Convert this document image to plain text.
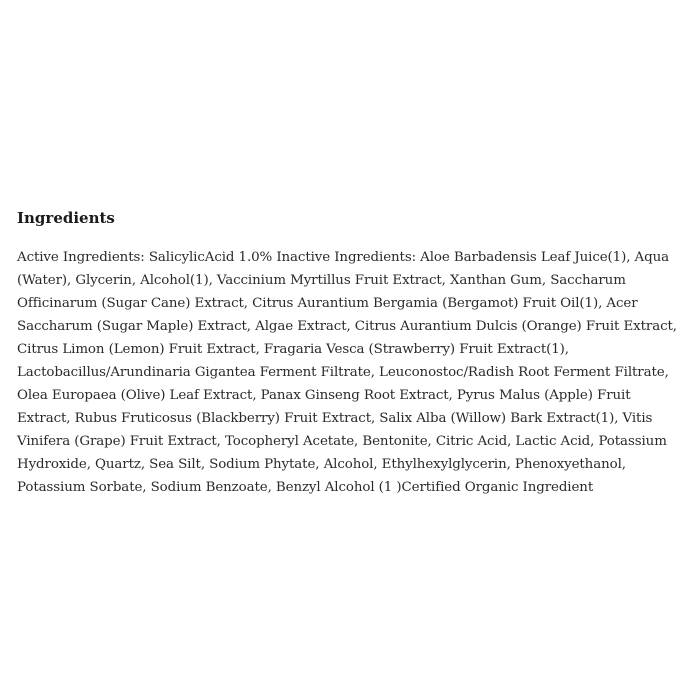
Ingredients

Active Ingredients: SalicylicAcid 1.0% Inactive Ingredients: Aloe Barbadensis Leaf Juice(1), Aqua (Water), Glycerin, Alcohol(1), Vaccinium Myrtillus Fruit Extract, Xanthan Gum, Saccharum Officinarum (Sugar Cane) Extract, Citrus Aurantium Bergamia (Bergamot) Fruit Oil(1), Acer Saccharum (Sugar Maple) Extract, Algae Extract, Citrus Aurantium Dulcis (Orange) Fruit Extract, Citrus Limon (Lemon) Fruit Extract, Fragaria Vesca (Strawberry) Fruit Extract(1), Lactobacillus/Arundinaria Gigantea Ferment Filtrate, Leuconostoc/Radish Root Ferment Filtrate, Olea Europaea (Olive) Leaf Extract, Panax Ginseng Root Extract, Pyrus Malus (Apple) Fruit Extract, Rubus Fruticosus (Blackberry) Fruit Extract, Salix Alba (Willow) Bark Extract(1), Vitis Vinifera (Grape) Fruit Extract, Tocopheryl Acetate, Bentonite, Citric Acid, Lactic Acid, Potassium Hydroxide, Quartz, Sea Silt, Sodium Phytate, Alcohol, Ethylhexylglycerin, Phenoxyethanol, Potassium Sorbate, Sodium Benzoate, Benzyl Alcohol (1 )Certified Organic Ingredient
